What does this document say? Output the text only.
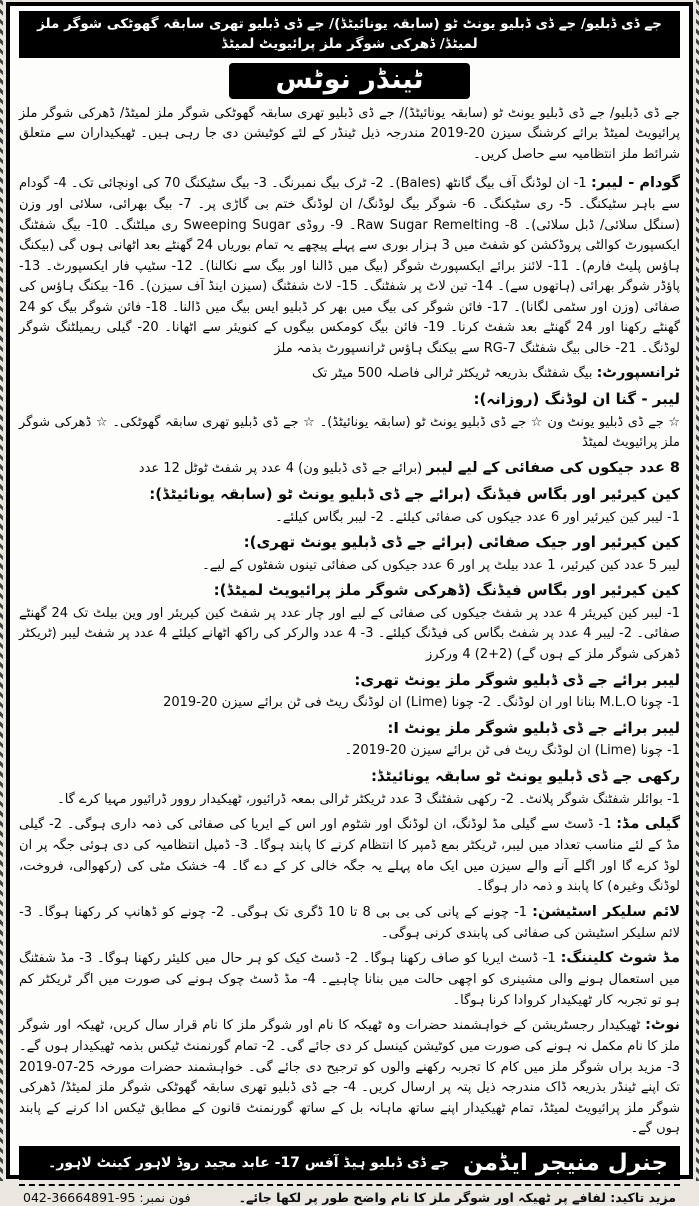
جے ڈی ڈبلیو/ جے ڈی ڈبلیو یونٹ ٹو (سابقہ یونائیٹڈ)/ جے ڈی ڈبلیو تھری سابقہ گھوٹکی شوگر ملز لمیٹڈ/ ڈھرکی شوگر ملز پرائیویٹ لمیٹڈ
ٹینڈر نوٹس

جے ڈی ڈبلیو/ جے ڈی ڈبلیو یونٹ ٹو (سابقہ یونائیٹڈ)/ جے ڈی ڈبلیو تھری سابقہ گھوٹکی شوگر ملز لمیٹڈ/ ڈھرکی شوگر ملز پرائیویٹ لمیٹڈ برائے کرشنگ سیزن 20-2019 مندرجہ ذیل ٹینڈر کے لئے کوٹیشن دی جا رہی ہیں۔ ٹھیکیداران سے متعلق شرائط ملز انتظامیہ سے حاصل کریں۔

گودام - لیبر: 1- ان لوڈنگ آف بیگ گانٹھ (Bales)۔ 2- ٹرک بیگ نمبرنگ۔ 3- بیگ سٹیکنگ 70 کی اونچائی تک۔ 4- گودام سے باہر سٹیکنگ۔ 5- ری سٹیکنگ۔ 6- شوگر بیگ لوڈنگ/ ان لوڈنگ ختم بی گاڑی پر۔ 7- بیگ بھرائی، سلائی اور وزن (سنگل سلائی/ ڈبل سلائی)۔ 8- Raw Sugar Remelting۔ 9- روڈی Sweeping Sugar ری میلٹنگ۔ 10- بیگ شفٹنگ ایکسپورٹ کوالٹی پروڈکشن کو شفٹ میں 3 ہزار بوری سے پہلے پیچھے یہ تمام بوریاں 24 گھنٹے بعد اٹھانی ہوں گی (بیکنگ ہاؤس پلیٹ فارم)۔ 11- لائنز برائے ایکسپورٹ شوگر (بیگ میں ڈالنا اور بیگ سے نکالنا)۔ 12- سٹیپ فار ایکسپورٹ۔ 13- پاؤڈر شوگر بھرائی (ہاتھوں سے)۔ 14- تین لاٹ پر شفٹنگ۔ 15- لاٹ شفٹنگ (سیزن اینڈ آف سیزن)۔ 16- بیکنگ ہاؤس کی صفائی (وزن اور سٹمی لگانا)۔ 17- فائن شوگر کی بیگ میں بھر کر ڈبلیو ایس بیگ میں ڈالنا۔ 18- فائن شوگر بیگ کو 24 گھنٹے رکھنا اور 24 گھنٹے بعد شفٹ کرنا۔ 19- فائن بیگ کومکس بیگوں کے کنویئر سے اٹھانا۔ 20- گیلی ریمیلٹنگ شوگر لوڈنگ۔ 21- خالی بیگ شفٹنگ RG-7 سے بیکنگ ہاؤس ٹرانسپورٹ بذمہ ملز
ٹرانسپورٹ: بیگ شفٹنگ بذریعہ ٹریکٹر ٹرالی فاصلہ 500 میٹر تک
لیبر - گنا ان لوڈنگ (روزانہ):
☆ جے ڈی ڈبلیو یونٹ ون ☆ جے ڈی ڈبلیو یونٹ ٹو (سابقہ یونائیٹڈ)۔ ☆ جے ڈی ڈبلیو تھری سابقہ گھوٹکی۔ ☆ ڈھرکی شوگر ملز پرائیویٹ لمیٹڈ
8 عدد جیکوں کی صفائی کے لیے لیبر (برائے جے ڈی ڈبلیو ون) 4 عدد پر شفٹ ٹوٹل 12 عدد
کین کیرئیر اور بگاس فیڈنگ (برائے جے ڈی ڈبلیو یونٹ ٹو (سابقہ یونائیٹڈ):
1- لیبر کین کیرئیر اور 6 عدد جیکوں کی صفائی کیلئے۔ 2- لیبر بگاس کیلئے۔
کین کیرئیر اور جیک صفائی (برائے جے ڈی ڈبلیو یونٹ تھری):
لیبر 5 عدد کین کیرئیر، 1 عدد بیلٹ پر اور 6 عدد جیکوں کی صفائی تینوں شفٹوں کے لیے۔
کین کیرئیر اور بگاس فیڈنگ (ڈھرکی شوگر ملز پرائیویٹ لمیٹڈ):
1- لیبر کین کیریئر 4 عدد پر شفٹ جیکوں کی صفائی کے لیے اور چار عدد پر شفٹ کین کیریئر اور وین بیلٹ تک 24 گھنٹے صفائی۔ 2- لیبر 4 عدد پر شفٹ بگاس کی فیڈنگ کیلئے۔ 3- 4 عدد والرکر کی راکھ اٹھانے کیلئے 4 عدد پر شفٹ لیبر (ٹریکٹر ڈھرکی شوگر ملز کے ہوں گے) (2+2) 4 ورکرز
لیبر برائے جے ڈی ڈبلیو شوگر ملز یونٹ تھری:
1- چونا M.L.O بنانا اور ان لوڈنگ۔ 2- چونا (Lime) ان لوڈنگ ریٹ فی ٹن برائے سیزن 20-2019
لیبر برائے جے ڈی ڈبلیو شوگر ملز یونٹ I:
1- چونا (Lime) ان لوڈنگ ریٹ فی ٹن برائے سیزن 20-2019۔
رکھی جے ڈی ڈبلیو یونٹ ٹو سابقہ یونائیٹڈ:
1- بوائلر شفٹنگ شوگر پلانٹ۔ 2- رکھی شفٹنگ 3 عدد ٹریکٹر ٹرالی بمعہ ڈرائیور، ٹھیکیدار روور ڈرائیور مہیا کرے گا۔
گیلی مڈ: 1- ڈسٹ سے گیلی مڈ لوڈنگ، ان لوڈنگ اور شٹوم اور اس کے ایریا کی صفائی کی ذمہ داری ہوگی۔ 2- گیلی مڈ کے لئے مناسب تعداد میں لیبر، ٹریکٹر بمع ڈمپر کا انتظام کرنے کا پابند ہوگا۔ 3- ڈمپل انتظامیہ کی دی ہوئی جگہ پر ان لوڈ کرے گا اور اگلے آنے والے سیزن میں ایک ماہ پہلے یہ جگہ خالی کر کے دے گا۔ 4- خشک مٹی کی (رکھوالی، فروخت، لوڈنگ وغیرہ) کا پابند و ذمہ دار ہوگا۔
لائم سلیکر اسٹیشن: 1- چونے کے پانی کی بی بی 8 تا 10 ڈگری تک ہوگی۔ 2- چونے کو ڈھانپ کر رکھنا ہوگا۔ 3- لائم سلیکر اسٹیشن کی صفائی کی پابندی کرنی ہوگی۔
مڈ شوٹ کلیننگ: 1- ڈسٹ ایریا کو صاف رکھنا ہوگا۔ 2- ڈسٹ کیک کو ہر حال میں کلیئر رکھنا ہوگا۔ 3- مڈ شفٹنگ میں استعمال ہونے والی مشینری کو اچھی حالت میں بنانا چاہیے۔ 4- مڈ ڈسٹ چوک ہونے کی صورت میں اگر ٹریکٹر کم ہو تو تجربہ کار ٹھیکیدار کروادا کرنا ہوگا۔
نوٹ: ٹھیکیدار رجسٹریشن کے خواہشمند حضرات وہ ٹھیکہ کا نام اور شوگر ملز کا نام قرار سال کریں، ٹھیکہ اور شوگر ملز کا نام مکمل نہ ہونے کی صورت میں کوٹیشن کینسل کر دی جائے گی۔ 2- تمام گورنمنٹ ٹیکس بذمہ ٹھیکیدار ہوں گے۔ 3- مزید براں شوگر ملز میں کام کا تجربہ رکھنے والوں کو ترجیح دی جائے گی۔ خواہشمند حضرات مورخہ 25-07-2019 تک اپنے ٹینڈر بذریعہ ڈاک مندرجہ ذیل پتہ پر ارسال کریں۔ 4- جے ڈی ڈبلیو تھری سابقہ گھوٹکی شوگر ملز لمیٹڈ/ ڈھرکی شوگر ملز پرائیویٹ لمیٹڈ، تمام ٹھیکیدار اپنے ساتھ ماہانہ بل کے ساتھ گورنمنٹ قانون کے مطابق ٹیکس ادا کرنے کے پابند ہوں گے۔
جنرل منیجر ایڈمن
جے ڈی ڈبلیو ہیڈ آفس 17- عابد مجید روڈ لاہور کینٹ لاہور۔
مزید تاکید: لفافے پر ٹھیکہ اور شوگر ملز کا نام واضح طور پر لکھا جائے۔
فون نمبر: 042-36664891-95
